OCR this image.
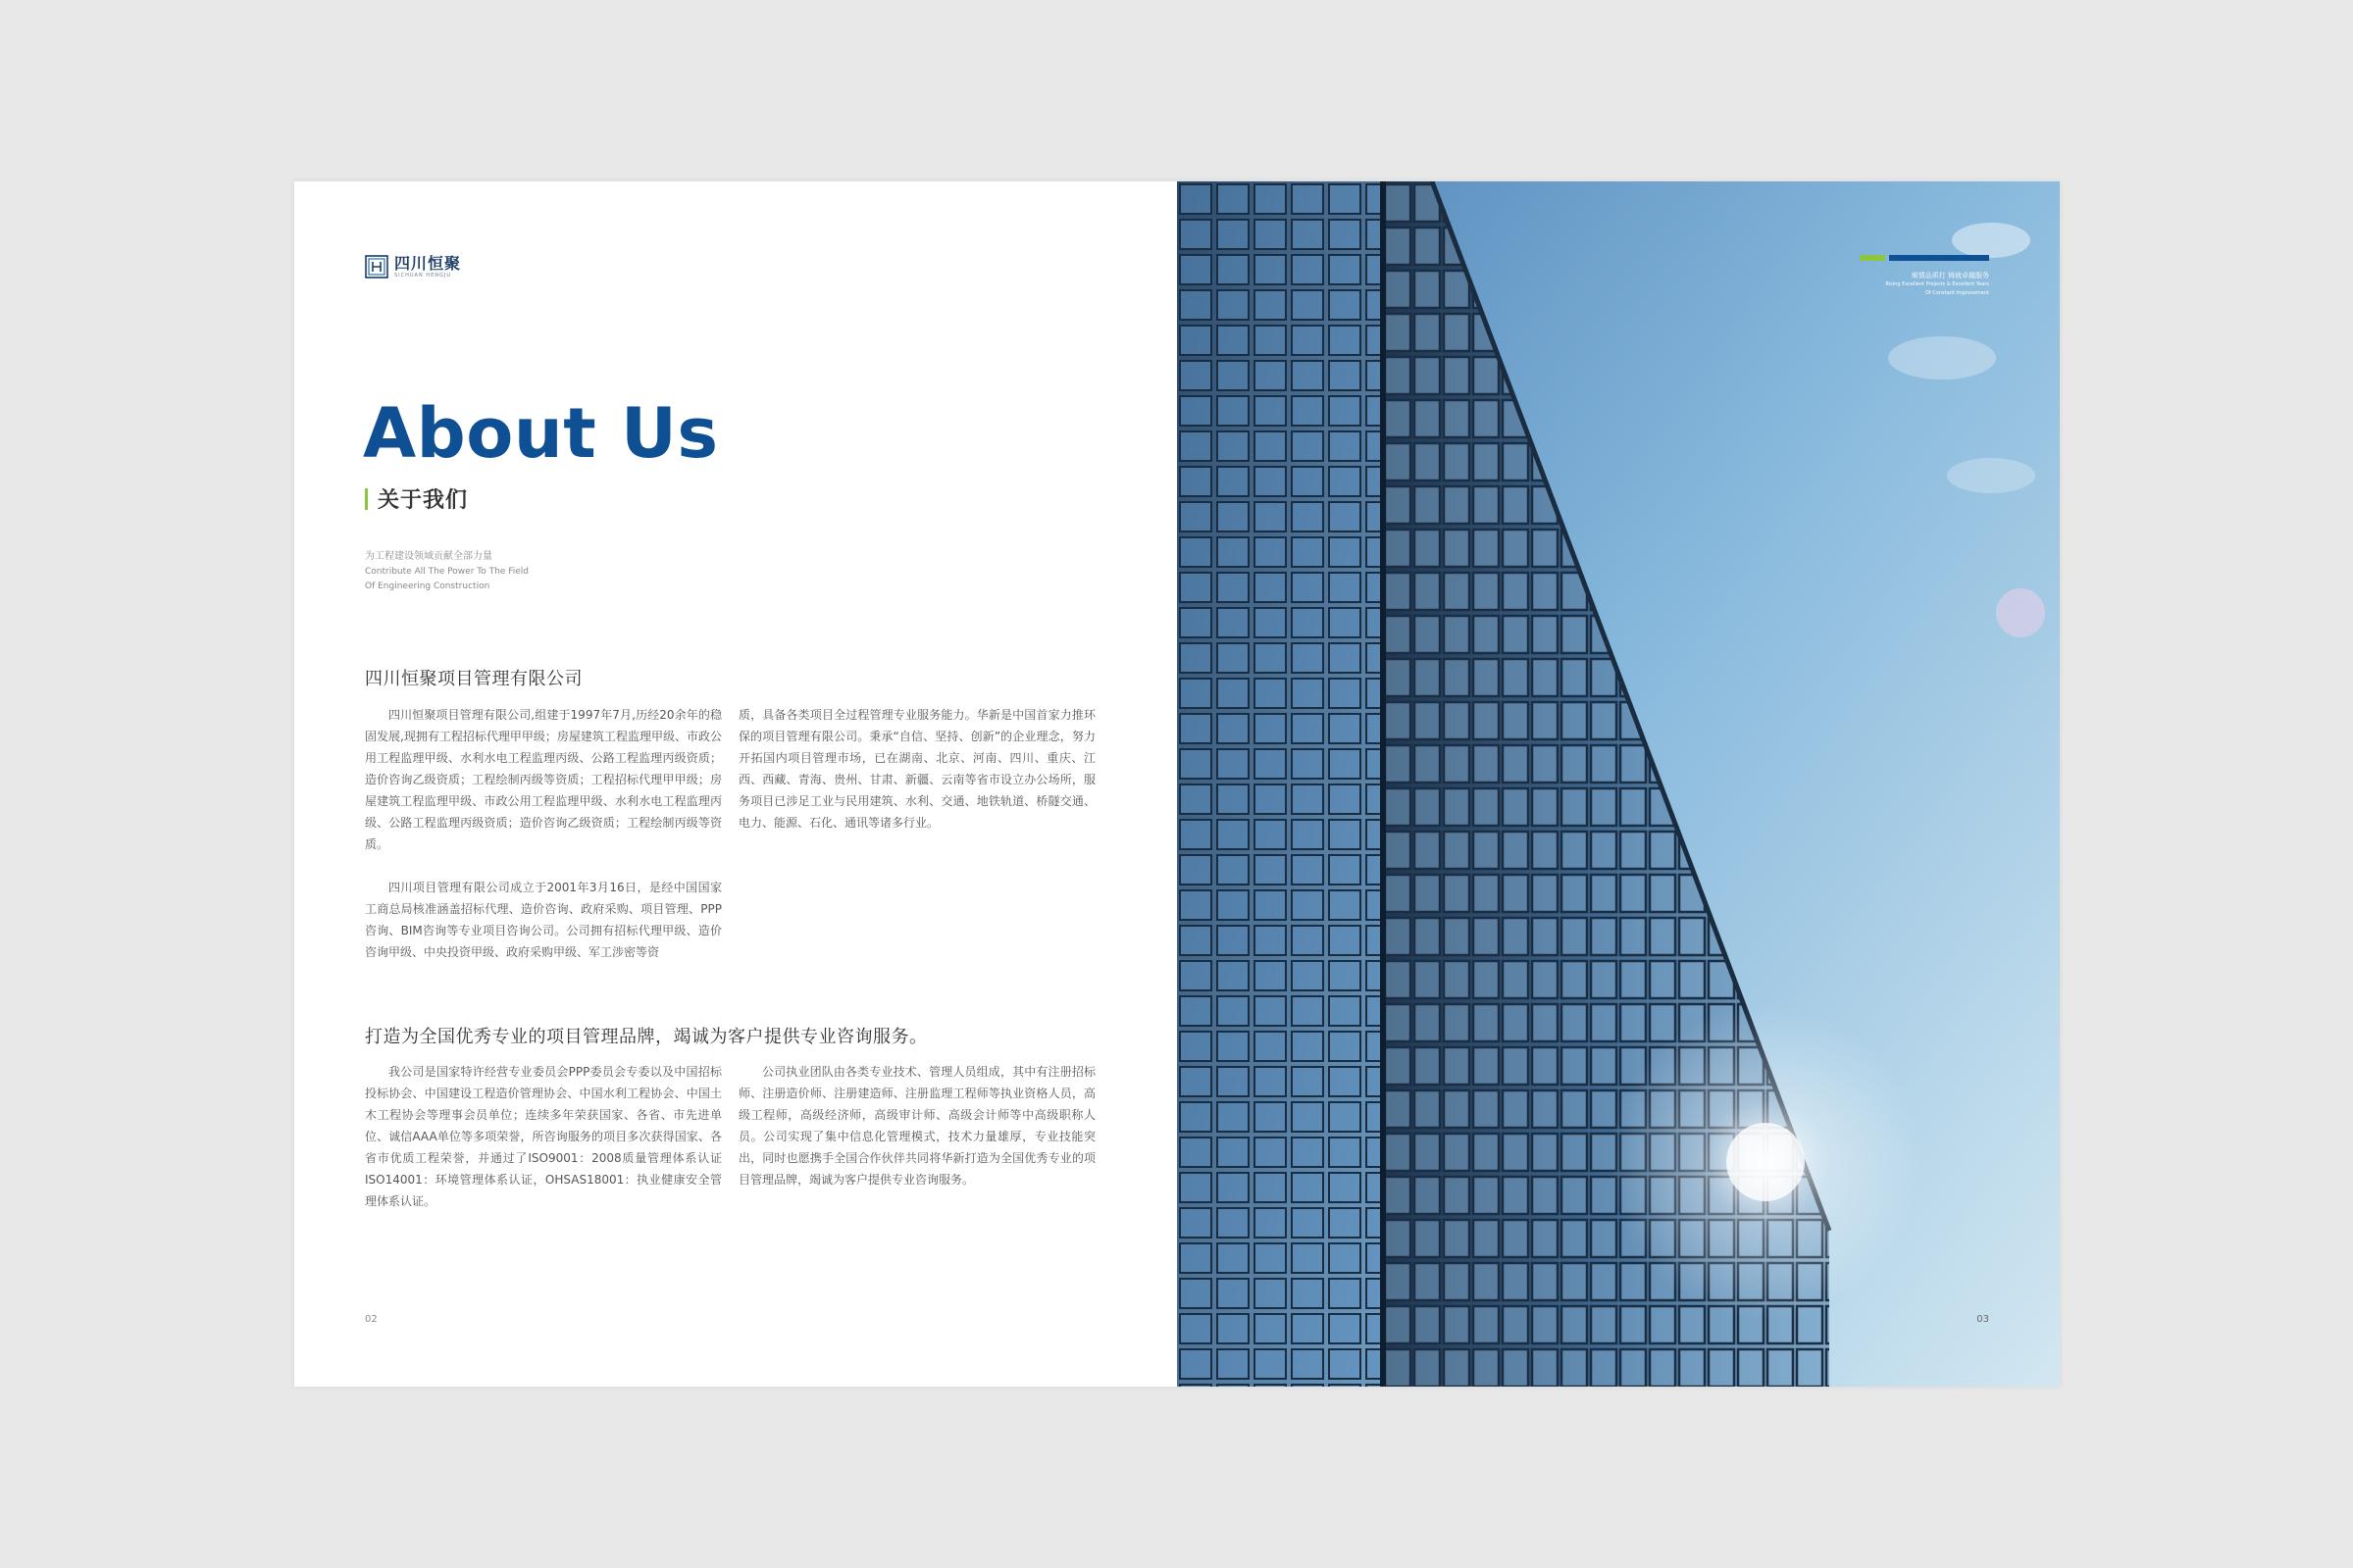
四川恒聚
SICHUAN HENGJU
About Us
关于我们
为工程建设领域贡献全部力量
Contribute All The Power To The Field
Of Engineering Construction
四川恒聚项目管理有限公司

四川恒聚项目管理有限公司,组建于1997年7月,历经20余年的稳固发展,现拥有工程招标代理甲甲级；房屋建筑工程监理甲级、市政公用工程监理甲级、水利水电工程监理丙级、公路工程监理丙级资质；造价咨询乙级资质；工程绘制丙级等资质；工程招标代理甲甲级；房屋建筑工程监理甲级、市政公用工程监理甲级、水利水电工程监理丙级、公路工程监理丙级资质；造价咨询乙级资质；工程绘制丙级等资质。

四川项目管理有限公司成立于2001年3月16日，是经中国国家工商总局核准涵盖招标代理、造价咨询、政府采购、项目管理、PPP咨询、BIM咨询等专业项目咨询公司。公司拥有招标代理甲级、造价咨询甲级、中央投资甲级、政府采购甲级、军工涉密等资

质，具备各类项目全过程管理专业服务能力。华新是中国首家力推环保的项目管理有限公司。秉承“自信、坚持、创新”的企业理念，努力开拓国内项目管理市场，已在湖南、北京、河南、四川、重庆、江西、西藏、青海、贵州、甘肃、新疆、云南等省市设立办公场所，服务项目已涉足工业与民用建筑、水利、交通、地铁轨道、桥隧交通、电力、能源、石化、通讯等诸多行业。

打造为全国优秀专业的项目管理品牌，竭诚为客户提供专业咨询服务。

我公司是国家特许经营专业委员会PPP委员会专委以及中国招标投标协会、中国建设工程造价管理协会、中国水利工程协会、中国土木工程协会等理事会员单位；连续多年荣获国家、各省、市先进单位、诚信AAA单位等多项荣誉，所咨询服务的项目多次获得国家、各省市优质工程荣誉，并通过了ISO9001：2008质量管理体系认证ISO14001：环境管理体系认证，OHSAS18001：执业健康安全管理体系认证。

公司执业团队由各类专业技术、管理人员组成，其中有注册招标师、注册造价师、注册建造师、注册监理工程师等执业资格人员，高级工程师，高级经济师，高级审计师、高级会计师等中高级职称人员。公司实现了集中信息化管理模式，技术力量雄厚，专业技能突出，同时也愿携手全国合作伙伴共同将华新打造为全国优秀专业的项目管理品牌，竭诚为客户提供专业咨询服务。

02
倾情品质打 铸就卓越服务
Rising Excellent Projects & Excellent Years
Of Constant Improvement
03
